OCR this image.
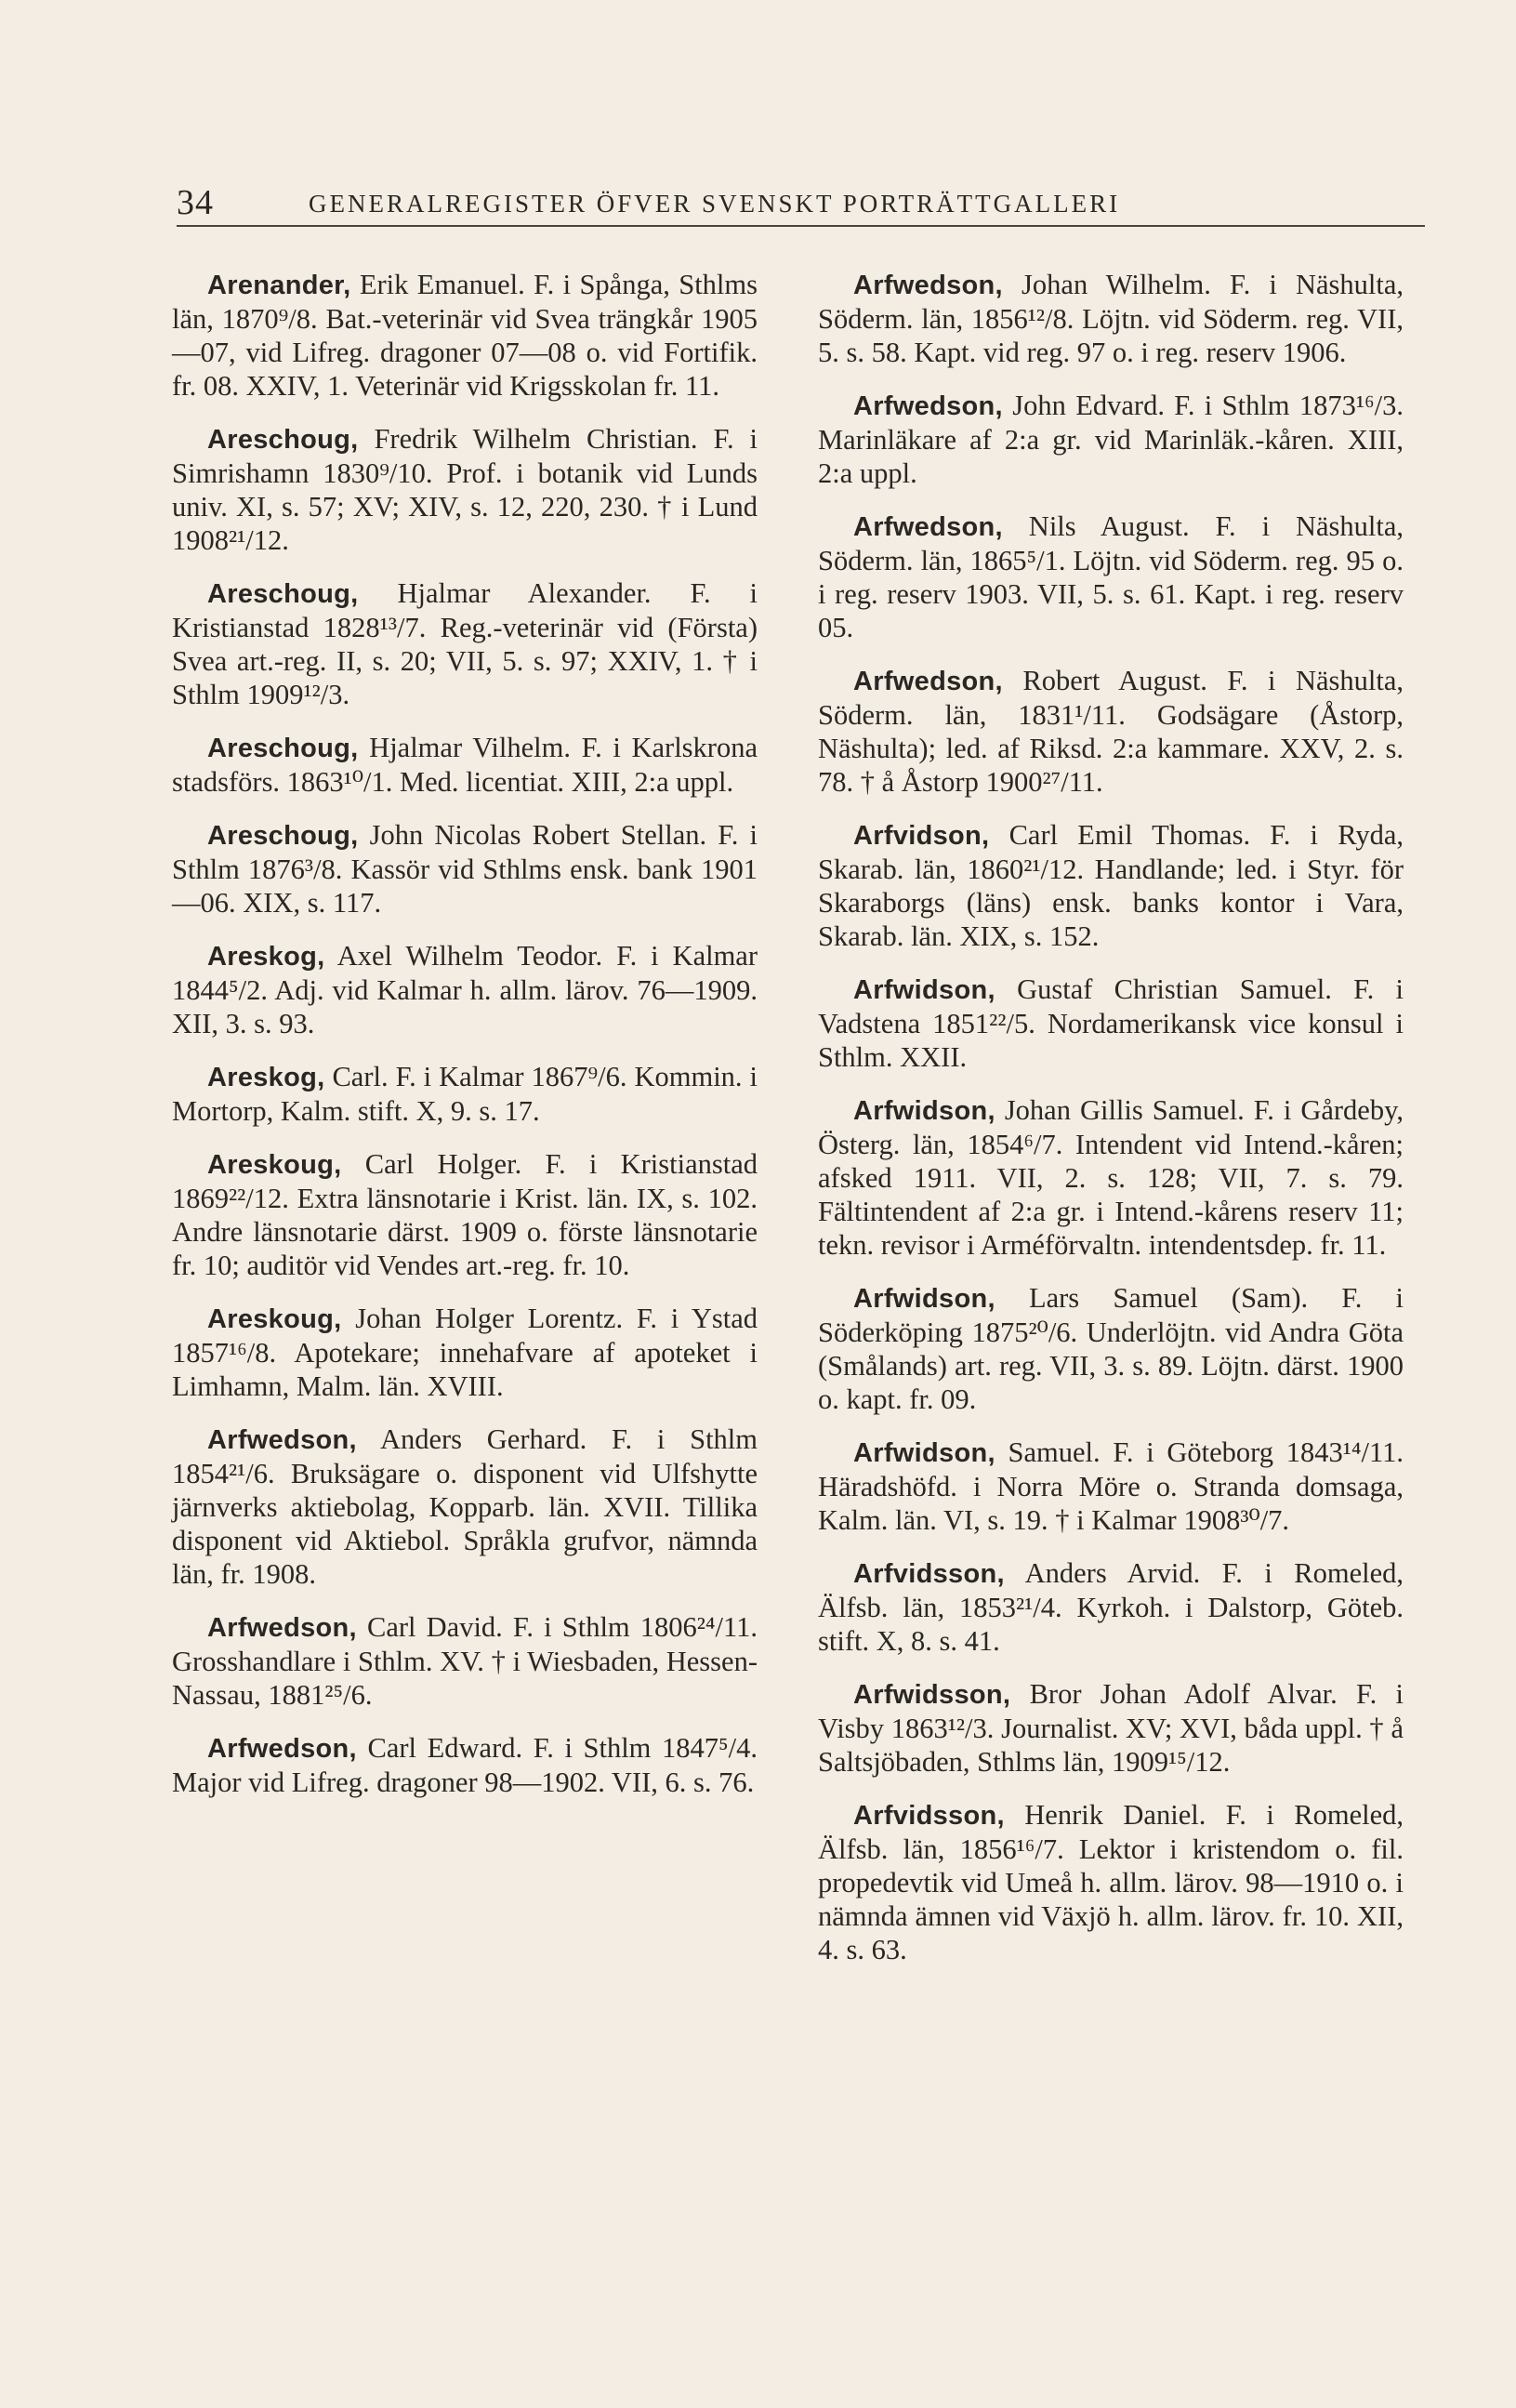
34	GENERALREGISTER ÖFVER SVENSKT PORTRÄTTGALLERI

Arenander, Erik Emanuel. F. i Spånga, Sthlms län, 1870⁹/8. Bat.-veterinär vid Svea trängkår 1905—07, vid Lifreg. dragoner 07—08 o. vid Fortifik. fr. 08. XXIV, 1. Veterinär vid Krigsskolan fr. 11.

Areschoug, Fredrik Wilhelm Christian. F. i Simrishamn 1830⁹/10. Prof. i botanik vid Lunds univ. XI, s. 57; XV; XIV, s. 12, 220, 230. † i Lund 1908²¹/12.

Areschoug, Hjalmar Alexander. F. i Kristianstad 1828¹³/7. Reg.-veterinär vid (Första) Svea art.-reg. II, s. 20; VII, 5. s. 97; XXIV, 1. † i Sthlm 1909¹²/3.

Areschoug, Hjalmar Vilhelm. F. i Karlskrona stadsförs. 1863¹⁰/1. Med. licentiat. XIII, 2:a uppl.

Areschoug, John Nicolas Robert Stellan. F. i Sthlm 1876³/8. Kassör vid Sthlms ensk. bank 1901—06. XIX, s. 117.

Areskog, Axel Wilhelm Teodor. F. i Kalmar 1844⁵/2. Adj. vid Kalmar h. allm. lärov. 76—1909. XII, 3. s. 93.

Areskog, Carl. F. i Kalmar 1867⁹/6. Kommin. i Mortorp, Kalm. stift. X, 9. s. 17.

Areskoug, Carl Holger. F. i Kristianstad 1869²²/12. Extra länsnotarie i Krist. län. IX, s. 102. Andre länsnotarie därst. 1909 o. förste länsnotarie fr. 10; auditör vid Vendes art.-reg. fr. 10.

Areskoug, Johan Holger Lorentz. F. i Ystad 1857¹⁶/8. Apotekare; innehafvare af apoteket i Limhamn, Malm. län. XVIII.

Arfwedson, Anders Gerhard. F. i Sthlm 1854²¹/6. Bruksägare o. disponent vid Ulfshytte järnverks aktiebolag, Kopparb. län. XVII. Tillika disponent vid Aktiebol. Språkla grufvor, nämnda län, fr. 1908.

Arfwedson, Carl David. F. i Sthlm 1806²⁴/11. Grosshandlare i Sthlm. XV. † i Wiesbaden, Hessen-Nassau, 1881²⁵/6.

Arfwedson, Carl Edward. F. i Sthlm 1847⁵/4. Major vid Lifreg. dragoner 98—1902. VII, 6. s. 76.

Arfwedson, Johan Wilhelm. F. i Näshulta, Söderm. län, 1856¹²/8. Löjtn. vid Söderm. reg. VII, 5. s. 58. Kapt. vid reg. 97 o. i reg. reserv 1906.

Arfwedson, John Edvard. F. i Sthlm 1873¹⁶/3. Marinläkare af 2:a gr. vid Marinläk.-kåren. XIII, 2:a uppl.

Arfwedson, Nils August. F. i Näshulta, Söderm. län, 1865⁵/1. Löjtn. vid Söderm. reg. 95 o. i reg. reserv 1903. VII, 5. s. 61. Kapt. i reg. reserv 05.

Arfwedson, Robert August. F. i Näshulta, Söderm. län, 1831¹/11. Godsägare (Åstorp, Näshulta); led. af Riksd. 2:a kammare. XXV, 2. s. 78. † å Åstorp 1900²⁷/11.

Arfvidson, Carl Emil Thomas. F. i Ryda, Skarab. län, 1860²¹/12. Handlande; led. i Styr. för Skaraborgs (läns) ensk. banks kontor i Vara, Skarab. län. XIX, s. 152.

Arfwidson, Gustaf Christian Samuel. F. i Vadstena 1851²²/5. Nordamerikansk vice konsul i Sthlm. XXII.

Arfwidson, Johan Gillis Samuel. F. i Gårdeby, Österg. län, 1854⁶/7. Intendent vid Intend.-kåren; afsked 1911. VII, 2. s. 128; VII, 7. s. 79. Fältintendent af 2:a gr. i Intend.-kårens reserv 11; tekn. revisor i Arméförvaltn. intendentsdep. fr. 11.

Arfwidson, Lars Samuel (Sam). F. i Söderköping 1875²⁰/6. Underlöjtn. vid Andra Göta (Smålands) art. reg. VII, 3. s. 89. Löjtn. därst. 1900 o. kapt. fr. 09.

Arfwidson, Samuel. F. i Göteborg 1843¹⁴/11. Häradshöfd. i Norra Möre o. Stranda domsaga, Kalm. län. VI, s. 19. † i Kalmar 1908³⁰/7.

Arfvidsson, Anders Arvid. F. i Romeled, Älfsb. län, 1853²¹/4. Kyrkoh. i Dalstorp, Göteb. stift. X, 8. s. 41.

Arfwidsson, Bror Johan Adolf Alvar. F. i Visby 1863¹²/3. Journalist. XV; XVI, båda uppl. † å Saltsjöbaden, Sthlms län, 1909¹⁵/12.

Arfvidsson, Henrik Daniel. F. i Romeled, Älfsb. län, 1856¹⁶/7. Lektor i kristendom o. fil. propedevtik vid Umeå h. allm. lärov. 98—1910 o. i nämnda ämnen vid Växjö h. allm. lärov. fr. 10. XII, 4. s. 63.
